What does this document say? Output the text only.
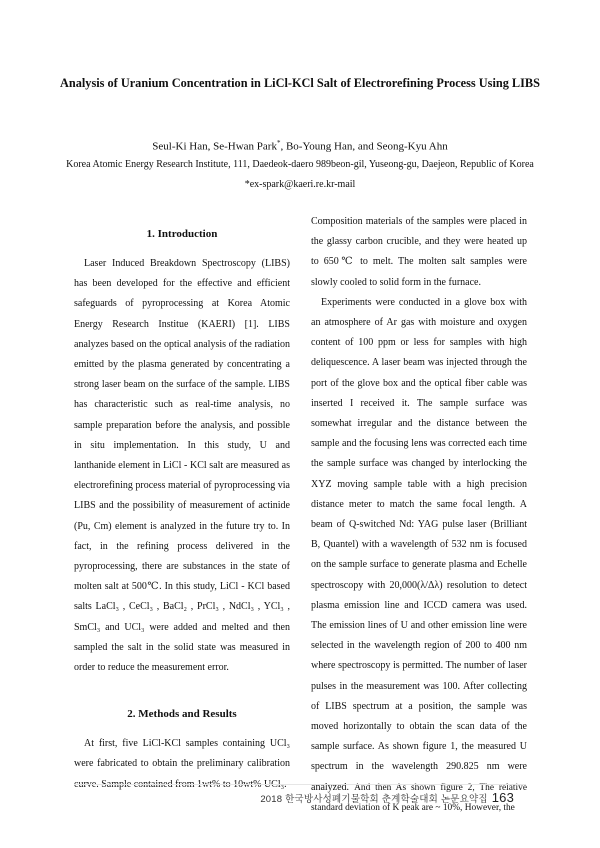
Analysis of Uranium Concentration in LiCl-KCl Salt of Electrorefining Process Using LIBS
Seul-Ki Han, Se-Hwan Park*, Bo-Young Han, and Seong-Kyu Ahn
Korea Atomic Energy Research Institute, 111, Daedeok-daero 989beon-gil, Yuseong-gu, Daejeon, Republic of Korea
*ex-spark@kaeri.re.kr-mail
1. Introduction

Laser Induced Breakdown Spectroscopy (LIBS) has been developed for the effective and efficient safeguards of pyroprocessing at Korea Atomic Energy Research Institue (KAERI) [1]. LIBS analyzes based on the optical analysis of the radiation emitted by the plasma generated by concentrating a strong laser beam on the surface of the sample. LIBS has characteristic such as real-time analysis, no sample preparation before the analysis, and possible in situ implementation. In this study, U and lanthanide element in LiCl - KCl salt are measured as electrorefining process material of pyroprocessing via LIBS and the possibility of measurement of actinide (Pu, Cm) element is analyzed in the future try to. In fact, in the refining process delivered in the pyroprocessing, there are substances in the state of molten salt at 500℃. In this study, LiCl - KCl based salts LaCl₃ , CeCl₃ , BaCl₂ , PrCl₃ , NdCl₃ , YCl₃ , SmCl₃ and UCl₃ were added and melted and then sampled the salt in the solid state was measured in order to reduce the measurement error.

2. Methods and Results

At first, five LiCl-KCl samples containing UCl₃ were fabricated to obtain the preliminary calibration curve. Sample contained from 1wt% to 10wt% UCl₃.

Composition materials of the samples were placed in the glassy carbon crucible, and they were heated up to 650℃ to melt. The molten salt samples were slowly cooled to solid form in the furnace.

Experiments were conducted in a glove box with an atmosphere of Ar gas with moisture and oxygen content of 100 ppm or less for samples with high deliquescence. A laser beam was injected through the port of the glove box and the optical fiber cable was inserted I received it. The sample surface was somewhat irregular and the distance between the sample and the focusing lens was corrected each time the sample surface was changed by interlocking the XYZ moving sample table with a high precision distance meter to match the same focal length. A beam of Q-switched Nd: YAG pulse laser (Brilliant B, Quantel) with a wavelength of 532 nm is focused on the sample surface to generate plasma and Echelle spectroscopy with 20,000(λ/Δλ) resolution to detect plasma emission line and ICCD camera was used. The emission lines of U and other emission line were selected in the wavelength region of 200 to 400 nm where spectroscopy is permitted. The number of laser pulses in the measurement was 100. After collecting of LIBS spectrum at a position, the sample was moved horizontally to obtain the scan data of the sample surface. As shown figure 1, the measured U spectrum in the wavelength 290.825 nm were analyzed. And then As shown figure 2, The relative standard deviation of K peak are ~ 10%, However, the

2018 한국방사성폐기물학회 춘계학술대회 논문요약집 163
